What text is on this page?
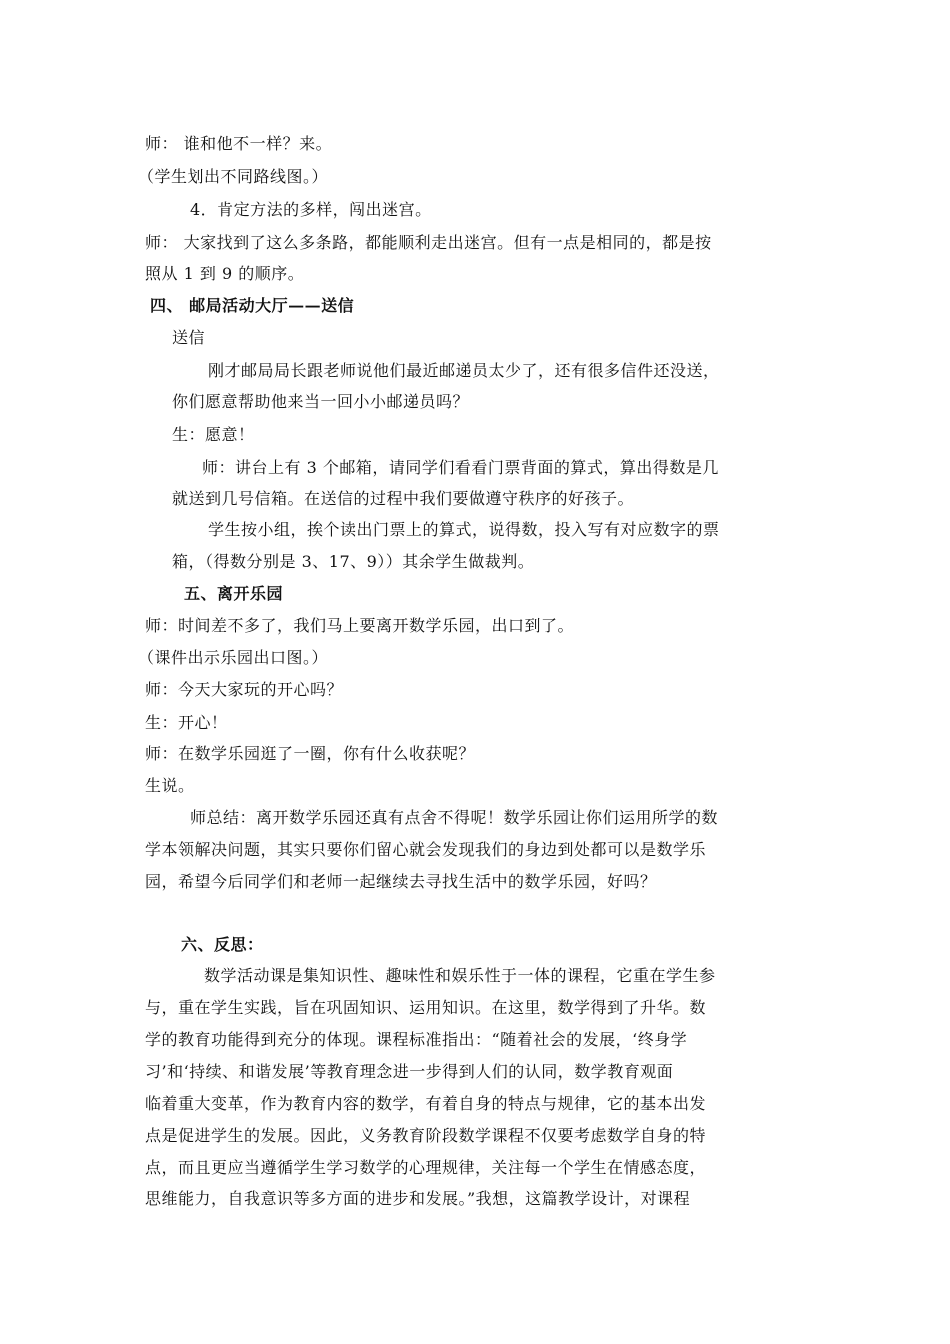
师： 谁和他不一样？来。

（学生划出不同路线图。）

4．肯定方法的多样，闯出迷宫。

师： 大家找到了这么多条路，都能顺利走出迷宫。但有一点是相同的，都是按

照从 1 到 9 的顺序。

四、 邮局活动大厅——送信

送信

刚才邮局局长跟老师说他们最近邮递员太少了，还有很多信件还没送，

你们愿意帮助他来当一回小小邮递员吗？

生：愿意！

师：讲台上有 3 个邮箱，请同学们看看门票背面的算式，算出得数是几

就送到几号信箱。在送信的过程中我们要做遵守秩序的好孩子。

学生按小组，挨个读出门票上的算式，说得数，投入写有对应数字的票

箱，（得数分别是 3、17、9））其余学生做裁判。

五、离开乐园

师：时间差不多了，我们马上要离开数学乐园，出口到了。

（课件出示乐园出口图。）

师：今天大家玩的开心吗？

生：开心！

师：在数学乐园逛了一圈，你有什么收获呢？

生说。

师总结：离开数学乐园还真有点舍不得呢！数学乐园让你们运用所学的数

学本领解决问题，其实只要你们留心就会发现我们的身边到处都可以是数学乐

园，希望今后同学们和老师一起继续去寻找生活中的数学乐园，好吗？

六、反思：

数学活动课是集知识性、趣味性和娱乐性于一体的课程，它重在学生参

与，重在学生实践，旨在巩固知识、运用知识。在这里，数学得到了升华。数

学的教育功能得到充分的体现。课程标准指出：“随着社会的发展，‘终身学

习’和‘持续、和谐发展’等教育理念进一步得到人们的认同，数学教育观面

临着重大变革，作为教育内容的数学，有着自身的特点与规律，它的基本出发

点是促进学生的发展。因此，义务教育阶段数学课程不仅要考虑数学自身的特

点，而且更应当遵循学生学习数学的心理规律，关注每一个学生在情感态度，

思维能力，自我意识等多方面的进步和发展。”我想，这篇教学设计，对课程
